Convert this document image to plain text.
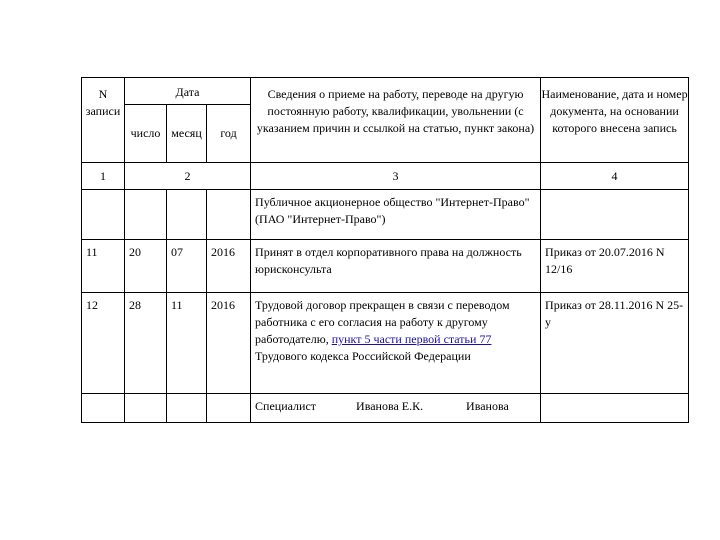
N записи	Дата			Сведения о приеме на работу, переводе на другую постоянную работу, квалификации, увольнении (с указанием причин и ссылкой на статью, пункт закона)	Наименование, дата и номер документа, на основании которого внесена запись
	число	месяц	год		
1	2			3	4
				Публичное акционерное общество "Интернет-Право" (ПАО "Интернет-Право")	
11	20	07	2016	Принят в отдел корпоративного права на должность юрисконсульта	Приказ от 20.07.2016 N 12/16
12	28	11	2016	Трудовой договор прекращен в связи с переводом работника с его согласия на работу к другому работодателю, пункт 5 части первой статьи 77 Трудового кодекса Российской Федерации	Приказ от 28.11.2016 N 25-у

				Специалист Иванова Е.К. Иванова	
